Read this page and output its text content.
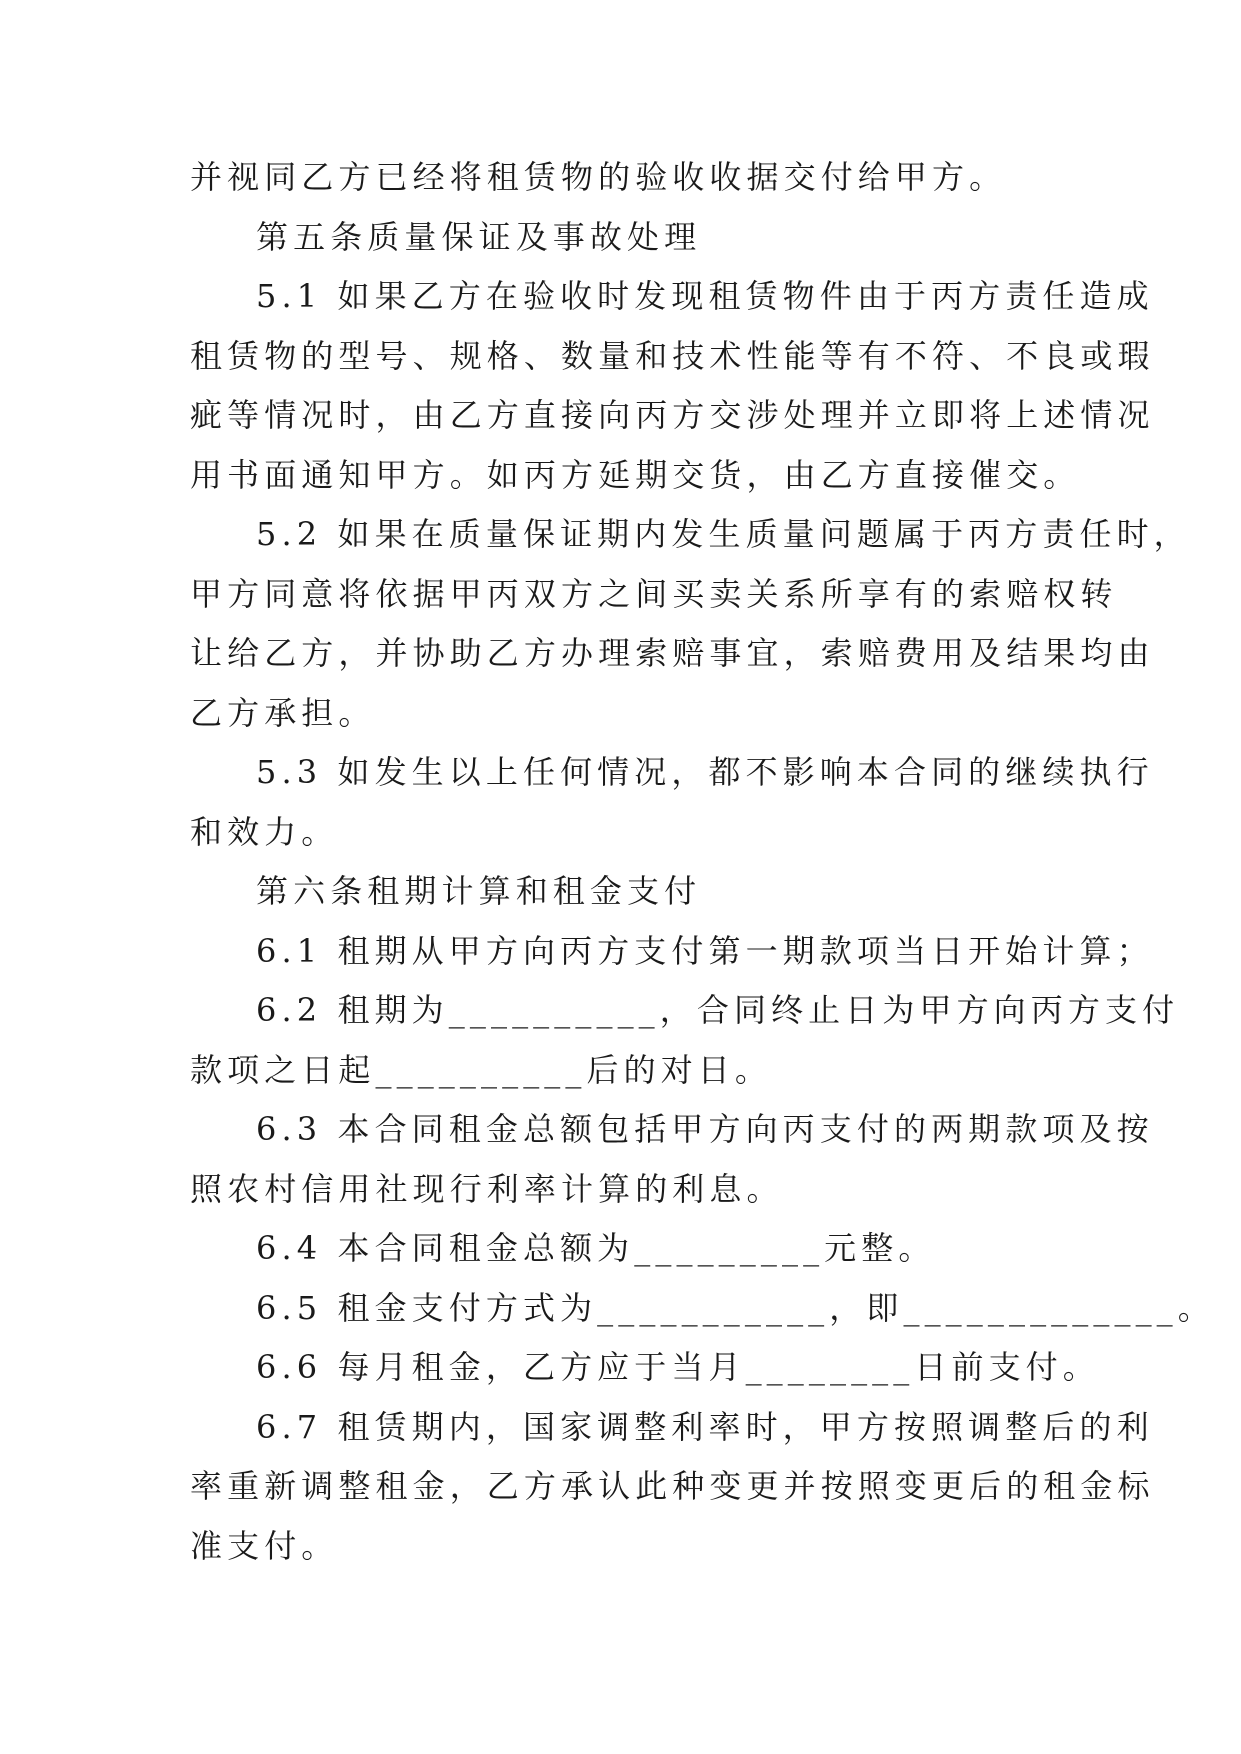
并视同乙方已经将租赁物的验收收据交付给甲方。
第五条质量保证及事故处理
5.1 如果乙方在验收时发现租赁物件由于丙方责任造成
租赁物的型号、规格、数量和技术性能等有不符、不良或瑕
疵等情况时，由乙方直接向丙方交涉处理并立即将上述情况
用书面通知甲方。如丙方延期交货，由乙方直接催交。
5.2 如果在质量保证期内发生质量问题属于丙方责任时，
甲方同意将依据甲丙双方之间买卖关系所享有的索赔权转
让给乙方，并协助乙方办理索赔事宜，索赔费用及结果均由
乙方承担。
5.3 如发生以上任何情况，都不影响本合同的继续执行
和效力。
第六条租期计算和租金支付
6.1 租期从甲方向丙方支付第一期款项当日开始计算；
6.2 租期为__________，合同终止日为甲方向丙方支付
款项之日起__________后的对日。
6.3 本合同租金总额包括甲方向丙支付的两期款项及按
照农村信用社现行利率计算的利息。
6.4 本合同租金总额为_________元整。
6.5 租金支付方式为___________，即_____________。
6.6 每月租金，乙方应于当月________日前支付。
6.7 租赁期内，国家调整利率时，甲方按照调整后的利
率重新调整租金，乙方承认此种变更并按照变更后的租金标
准支付。
